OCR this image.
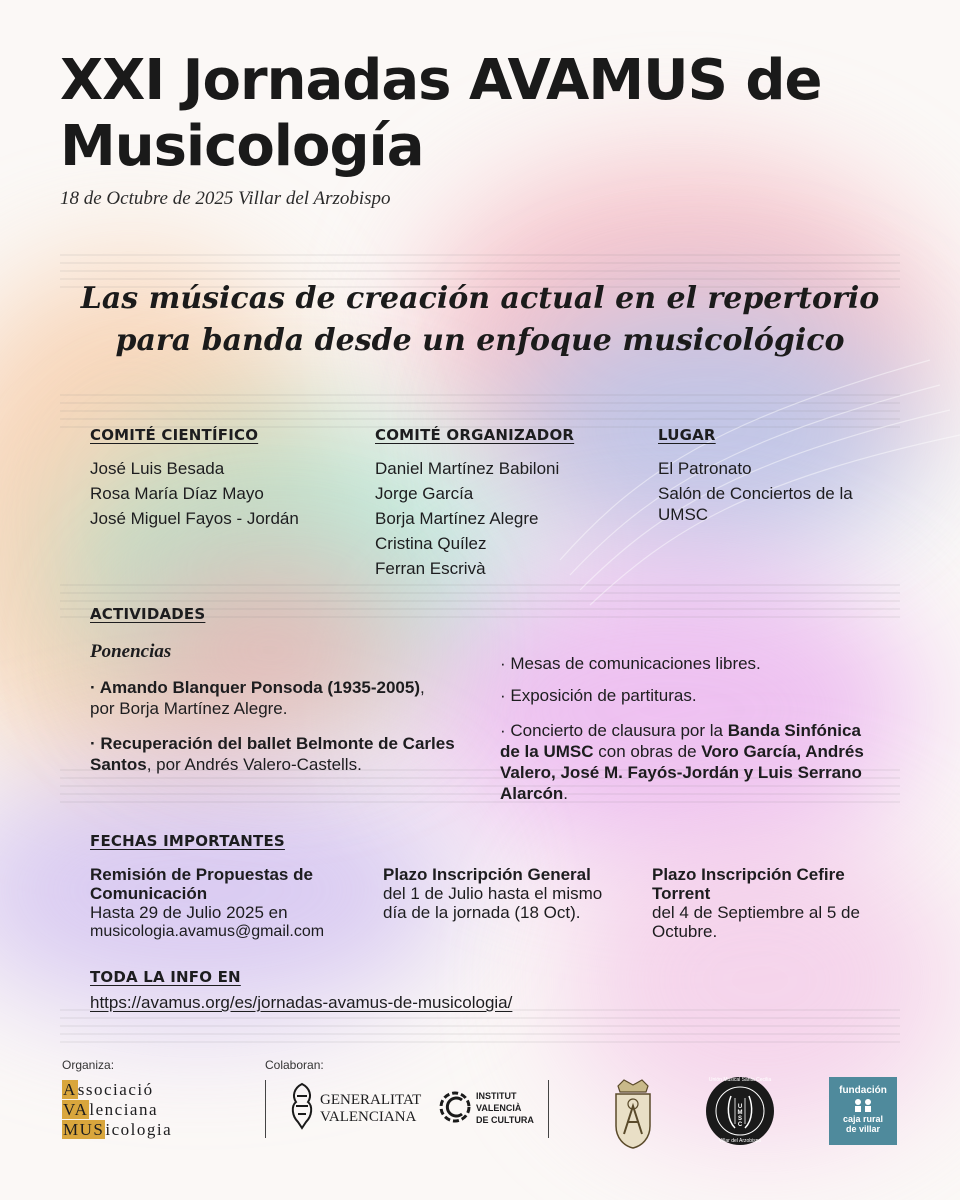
XXI Jornadas AVAMUS de
Musicología
18 de Octubre de 2025 Villar del Arzobispo
Las músicas de creación actual en el repertorio
para banda desde un enfoque musicológico
COMITÉ CIENTÍFICO
José Luis Besada
Rosa María Díaz Mayo
José Miguel Fayos - Jordán
COMITÉ ORGANIZADOR
Daniel Martínez Babiloni
Jorge García
Borja Martínez Alegre
Cristina Quílez
Ferran Escrivà
LUGAR
El Patronato
Salón de Conciertos de la UMSC
ACTIVIDADES
Ponencias
· Amando Blanquer Ponsoda (1935-2005), por Borja Martínez Alegre.
· Recuperación del ballet Belmonte de Carles Santos, por Andrés Valero-Castells.
· Mesas de comunicaciones libres.
· Exposición de partituras.
· Concierto de clausura por la Banda Sinfónica de la UMSC con obras de Voro García, Andrés Valero, José M. Fayós-Jordán y Luis Serrano Alarcón.
FECHAS IMPORTANTES
Remisión de Propuestas de Comunicación
Hasta 29 de Julio 2025 en
musicologia.avamus@gmail.com
Plazo Inscripción General
del 1 de Julio hasta el mismo día de la jornada (18 Oct).
Plazo Inscripción Cefire Torrent
del 4 de Septiembre al 5 de Octubre.
TODA LA INFO EN
https://avamus.org/es/jornadas-avamus-de-musicologia/
Organiza:	Colaboran:
Associació
VAlenciana
MUSicologia
GENERALITAT
VALENCIANA
INSTITUT
VALENCIÀ
DE CULTURA
Unión Musical Santa Cecilia
UMSC
Villar del Arzobispo
fundación
caja rural
de villar
